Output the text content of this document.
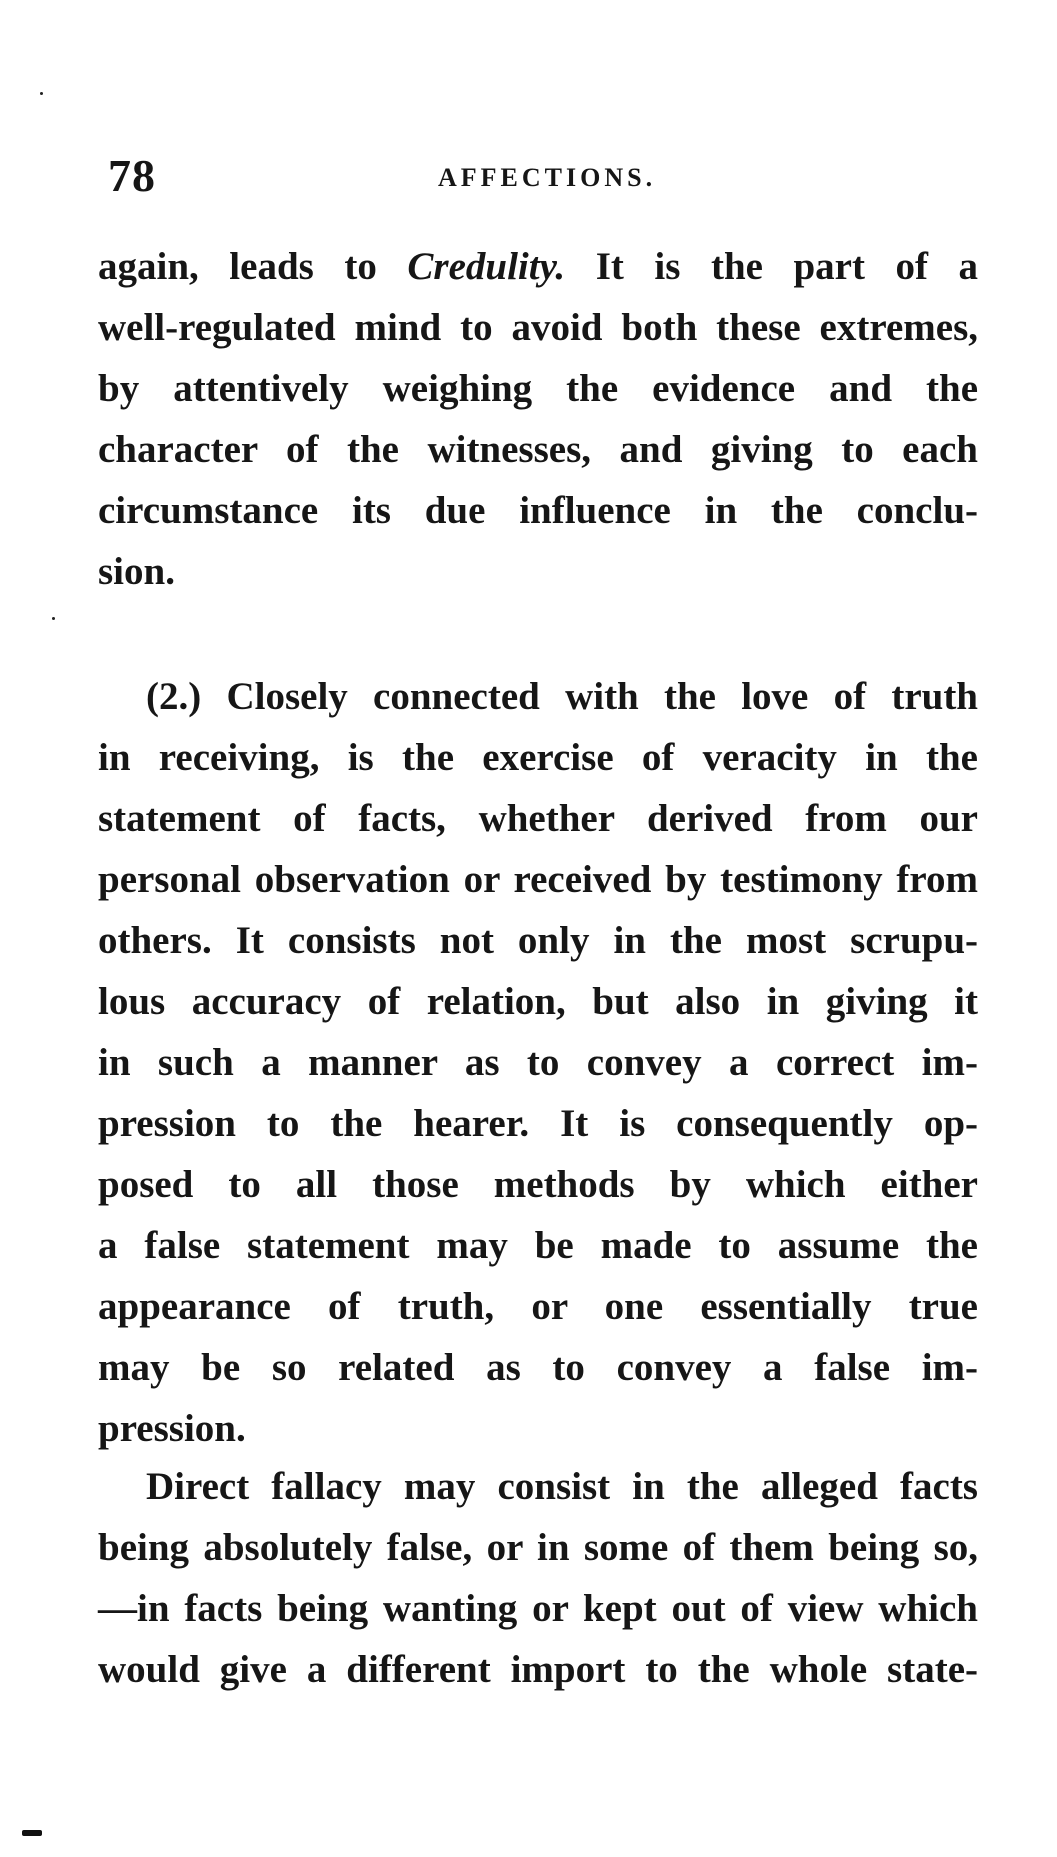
78	AFFECTIONS.
again, leads to Credulity. It is the part of a
well-regulated mind to avoid both these extremes,
by attentively weighing the evidence and the
character of the witnesses, and giving to each
circumstance its due influence in the conclu-
sion.
(2.) Closely connected with the love of truth
in receiving, is the exercise of veracity in the
statement of facts, whether derived from our
personal observation or received by testimony from
others. It consists not only in the most scrupu-
lous accuracy of relation, but also in giving it
in such a manner as to convey a correct im-
pression to the hearer. It is consequently op-
posed to all those methods by which either
a false statement may be made to assume the
appearance of truth, or one essentially true
may be so related as to convey a false im-
pression.
Direct fallacy may consist in the alleged facts
being absolutely false, or in some of them being so,
—in facts being wanting or kept out of view which
would give a different import to the whole state-
